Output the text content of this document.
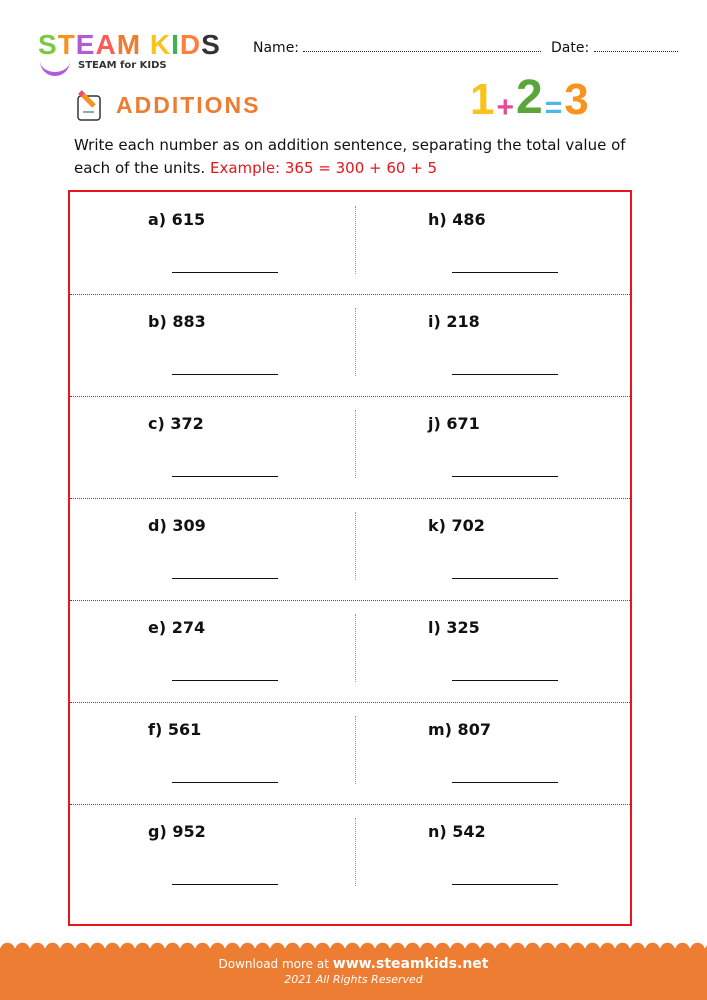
STEAM KIDS
STEAM for KIDS
Name:	Date:
ADDITIONS	1 + 2 = 3
Write each number as on addition sentence, separating the total value of each of the units. Example: 365 = 300 + 60 + 5
a) 615	h) 486
b) 883	i) 218
c) 372	j) 671
d) 309	k) 702
e) 274	l) 325
f) 561	m) 807
g) 952	n) 542
Download more at www.steamkids.net
2021 All Rights Reserved
